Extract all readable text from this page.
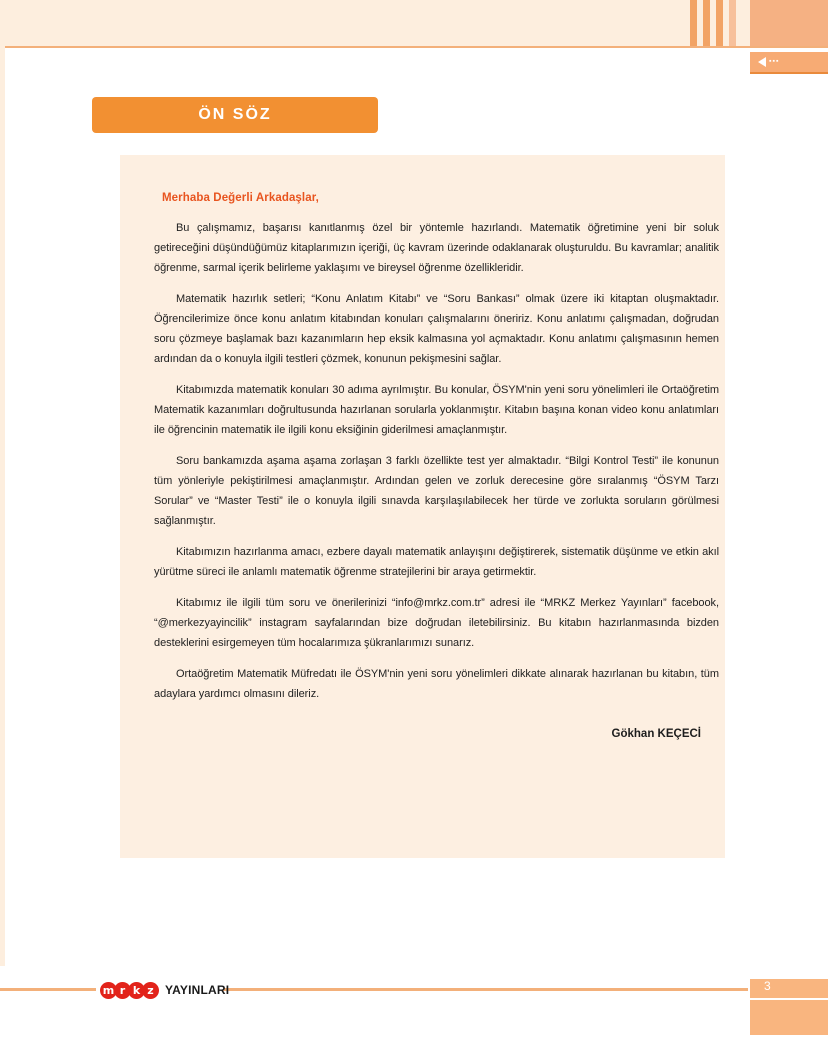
▪▪▪
ÖN SÖZ
Merhaba Değerli Arkadaşlar,

Bu çalışmamız, başarısı kanıtlanmış özel bir yöntemle hazırlandı. Matematik öğretimine yeni bir soluk getireceğini düşündüğümüz kitaplarımızın içeriği, üç kavram üzerinde odaklanarak oluşturuldu. Bu kavramlar; analitik öğrenme, sarmal içerik belirleme yaklaşımı ve bireysel öğrenme özellikleridir.

Matematik hazırlık setleri; “Konu Anlatım Kitabı” ve “Soru Bankası” olmak üzere iki kitaptan oluşmaktadır. Öğrencilerimize önce konu anlatım kitabından konuları çalışmalarını öneririz. Konu anlatımı çalışmadan, doğrudan soru çözmeye başlamak bazı kazanımların hep eksik kalmasına yol açmaktadır. Konu anlatımı çalışmasının hemen ardından da o konuyla ilgili testleri çözmek, konunun pekişmesini sağlar.

Kitabımızda matematik konuları 30 adıma ayrılmıştır. Bu konular, ÖSYM'nin yeni soru yönelimleri ile Ortaöğretim Matematik kazanımları doğrultusunda hazırlanan sorularla yoklanmıştır. Kitabın başına konan video konu anlatımları ile öğrencinin matematik ile ilgili konu eksiğinin giderilmesi amaçlanmıştır.

Soru bankamızda aşama aşama zorlaşan 3 farklı özellikte test yer almaktadır. “Bilgi Kontrol Testi” ile konunun tüm yönleriyle pekiştirilmesi amaçlanmıştır. Ardından gelen ve zorluk derecesine göre sıralanmış “ÖSYM Tarzı Sorular” ve “Master Testi” ile o konuyla ilgili sınavda karşılaşılabilecek her türde ve zorlukta soruların görülmesi sağlanmıştır.

Kitabımızın hazırlanma amacı, ezbere dayalı matematik anlayışını değiştirerek, sistematik düşünme ve etkin akıl yürütme süreci ile anlamlı matematik öğrenme stratejilerini bir araya getirmektir.

Kitabımız ile ilgili tüm soru ve önerilerinizi “info@mrkz.com.tr” adresi ile “MRKZ Merkez Yayınları” facebook, “@merkezyayincilik” instagram sayfalarından bize doğrudan iletebilirsiniz. Bu kitabın hazırlanmasında bizden desteklerini esirgemeyen tüm hocalarımıza şükranlarımızı sunarız.

Ortaöğretim Matematik Müfredatı ile ÖSYM'nin yeni soru yönelimleri dikkate alınarak hazırlanan bu kitabın, tüm adaylara yardımcı olmasını dileriz.

Gökhan KEÇECİ
m r k z YAYINLARI	3
